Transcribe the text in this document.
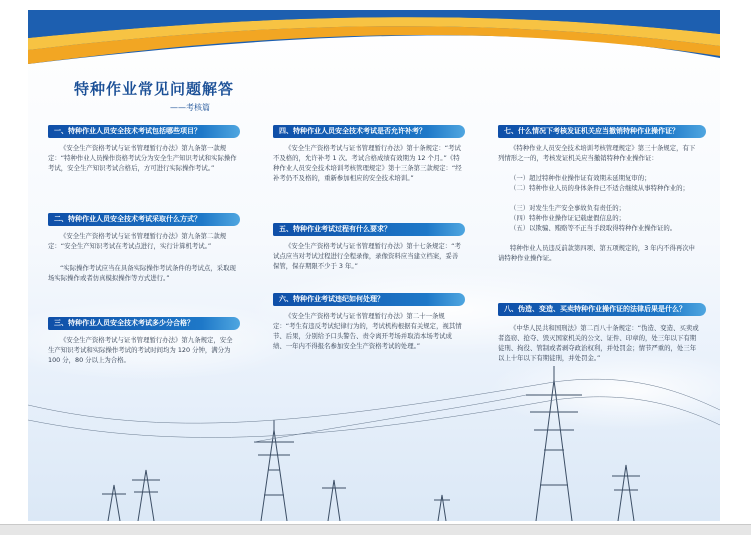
特种作业常见问题解答
——考核篇
一、特种作业人员安全技术考试包括哪些项目？

《安全生产资格考试与证书管理暂行办法》第九条第一款规定：“特种作业人员操作资格考试分为安全生产知识考试和实际操作考试，安全生产知识考试合格后，方可进行实际操作考试。”

二、特种作业人员安全技术考试采取什么方式？

《安全生产资格考试与证书管理暂行办法》第九条第二款规定：“安全生产知识考试在考试点进行，实行计算机考试。”

“实际操作考试应当在具备实际操作考试条件的考试点，采取现场实际操作或者仿真模拟操作等方式进行。”

三、特种作业人员安全技术考试多少分合格？

《安全生产资格考试与证书管理暂行办法》第九条规定，安全生产知识考试和实际操作考试的考试时间均为 120 分钟，满分为 100 分，80 分以上为合格。

四、特种作业人员安全技术考试是否允许补考？

《安全生产资格考试与证书管理暂行办法》第十条规定：“考试不及格的，允许补考 1 次。考试合格成绩有效期为 12 个月。”《特种作业人员安全技术培训考核管理规定》第十三条第三款规定：“经补考仍不及格的，重新参加相应的安全技术培训。”

五、特种作业考试过程有什么要求？

《安全生产资格考试与证书管理暂行办法》第十七条规定：“考试点应当对考试过程进行全程录像，录像资料应当建立档案，妥善保管，保存期限不少于 3 年。”

六、特种作业考试违纪如何处理？

《安全生产资格考试与证书管理暂行办法》第二十一条规定：“考生有违反考试纪律行为的，考试机构根据有关规定，视其情节、后果，分别给予口头警告、责令离开考场并取消本场考试成绩、一年内不得报名参加安全生产资格考试的处理。”

七、什么情况下考核发证机关应当撤销特种作业操作证？

《特种作业人员安全技术培训考核管理规定》第三十条规定，有下列情形之一的，考核发证机关应当撤销特种作业操作证：

（一）超过特种作业操作证有效期未延期复审的；

（二）特种作业人员的身体条件已不适合继续从事特种作业的；

（三）对发生生产安全事故负有责任的；

（四）特种作业操作证记载虚假信息的；

（五）以欺骗、贿赂等不正当手段取得特种作业操作证的。

特种作业人员违反前款第四项、第五项规定的，3 年内不得再次申请特种作业操作证。

八、伪造、变造、买卖特种作业操作证的法律后果是什么？

《中华人民共和国刑法》第二百八十条规定：“伪造、变造、买卖或者盗窃、抢夺、毁灭国家机关的公文、证件、印章的，处三年以下有期徒刑、拘役、管制或者剥夺政治权利，并处罚金；情节严重的，处三年以上十年以下有期徒刑，并处罚金。”
